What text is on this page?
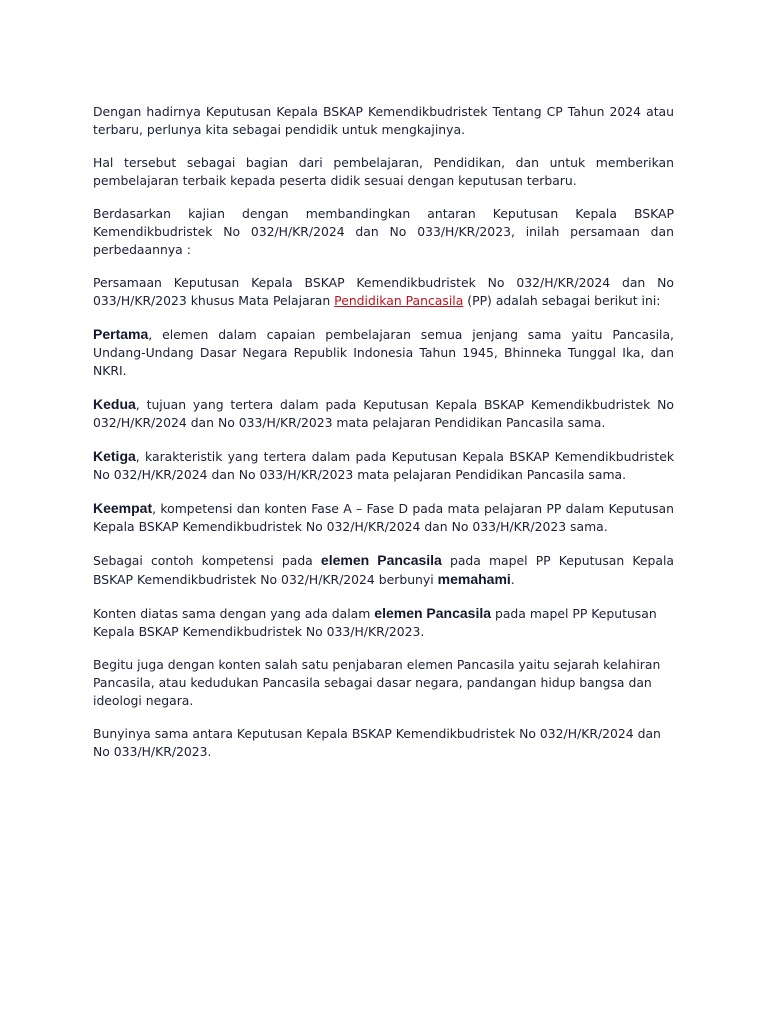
Dengan hadirnya Keputusan Kepala BSKAP Kemendikbudristek Tentang CP Tahun 2024 atau terbaru, perlunya kita sebagai pendidik untuk mengkajinya.

Hal tersebut sebagai bagian dari pembelajaran, Pendidikan, dan untuk memberikan pembelajaran terbaik kepada peserta didik sesuai dengan keputusan terbaru.

Berdasarkan kajian dengan membandingkan antaran Keputusan Kepala BSKAP Kemendikbudristek No 032/H/KR/2024 dan No 033/H/KR/2023, inilah persamaan dan perbedaannya :

Persamaan Keputusan Kepala BSKAP Kemendikbudristek No 032/H/KR/2024 dan No 033/H/KR/2023 khusus Mata Pelajaran Pendidikan Pancasila (PP) adalah sebagai berikut ini:

Pertama, elemen dalam capaian pembelajaran semua jenjang sama yaitu Pancasila, Undang-Undang Dasar Negara Republik Indonesia Tahun 1945, Bhinneka Tunggal Ika, dan NKRI.

Kedua, tujuan yang tertera dalam pada Keputusan Kepala BSKAP Kemendikbudristek No 032/H/KR/2024 dan No 033/H/KR/2023 mata pelajaran Pendidikan Pancasila sama.

Ketiga, karakteristik yang tertera dalam pada Keputusan Kepala BSKAP Kemendikbudristek No 032/H/KR/2024 dan No 033/H/KR/2023 mata pelajaran Pendidikan Pancasila sama.

Keempat, kompetensi dan konten Fase A – Fase D pada mata pelajaran PP dalam Keputusan Kepala BSKAP Kemendikbudristek No 032/H/KR/2024 dan No 033/H/KR/2023 sama.

Sebagai contoh kompetensi pada elemen Pancasila pada mapel PP Keputusan Kepala BSKAP Kemendikbudristek No 032/H/KR/2024 berbunyi memahami.

Konten diatas sama dengan yang ada dalam elemen Pancasila pada mapel PP Keputusan Kepala BSKAP Kemendikbudristek No 033/H/KR/2023.

Begitu juga dengan konten salah satu penjabaran elemen Pancasila yaitu sejarah kelahiran Pancasila, atau kedudukan Pancasila sebagai dasar negara, pandangan hidup bangsa dan ideologi negara.

Bunyinya sama antara Keputusan Kepala BSKAP Kemendikbudristek No 032/H/KR/2024 dan No 033/H/KR/2023.
